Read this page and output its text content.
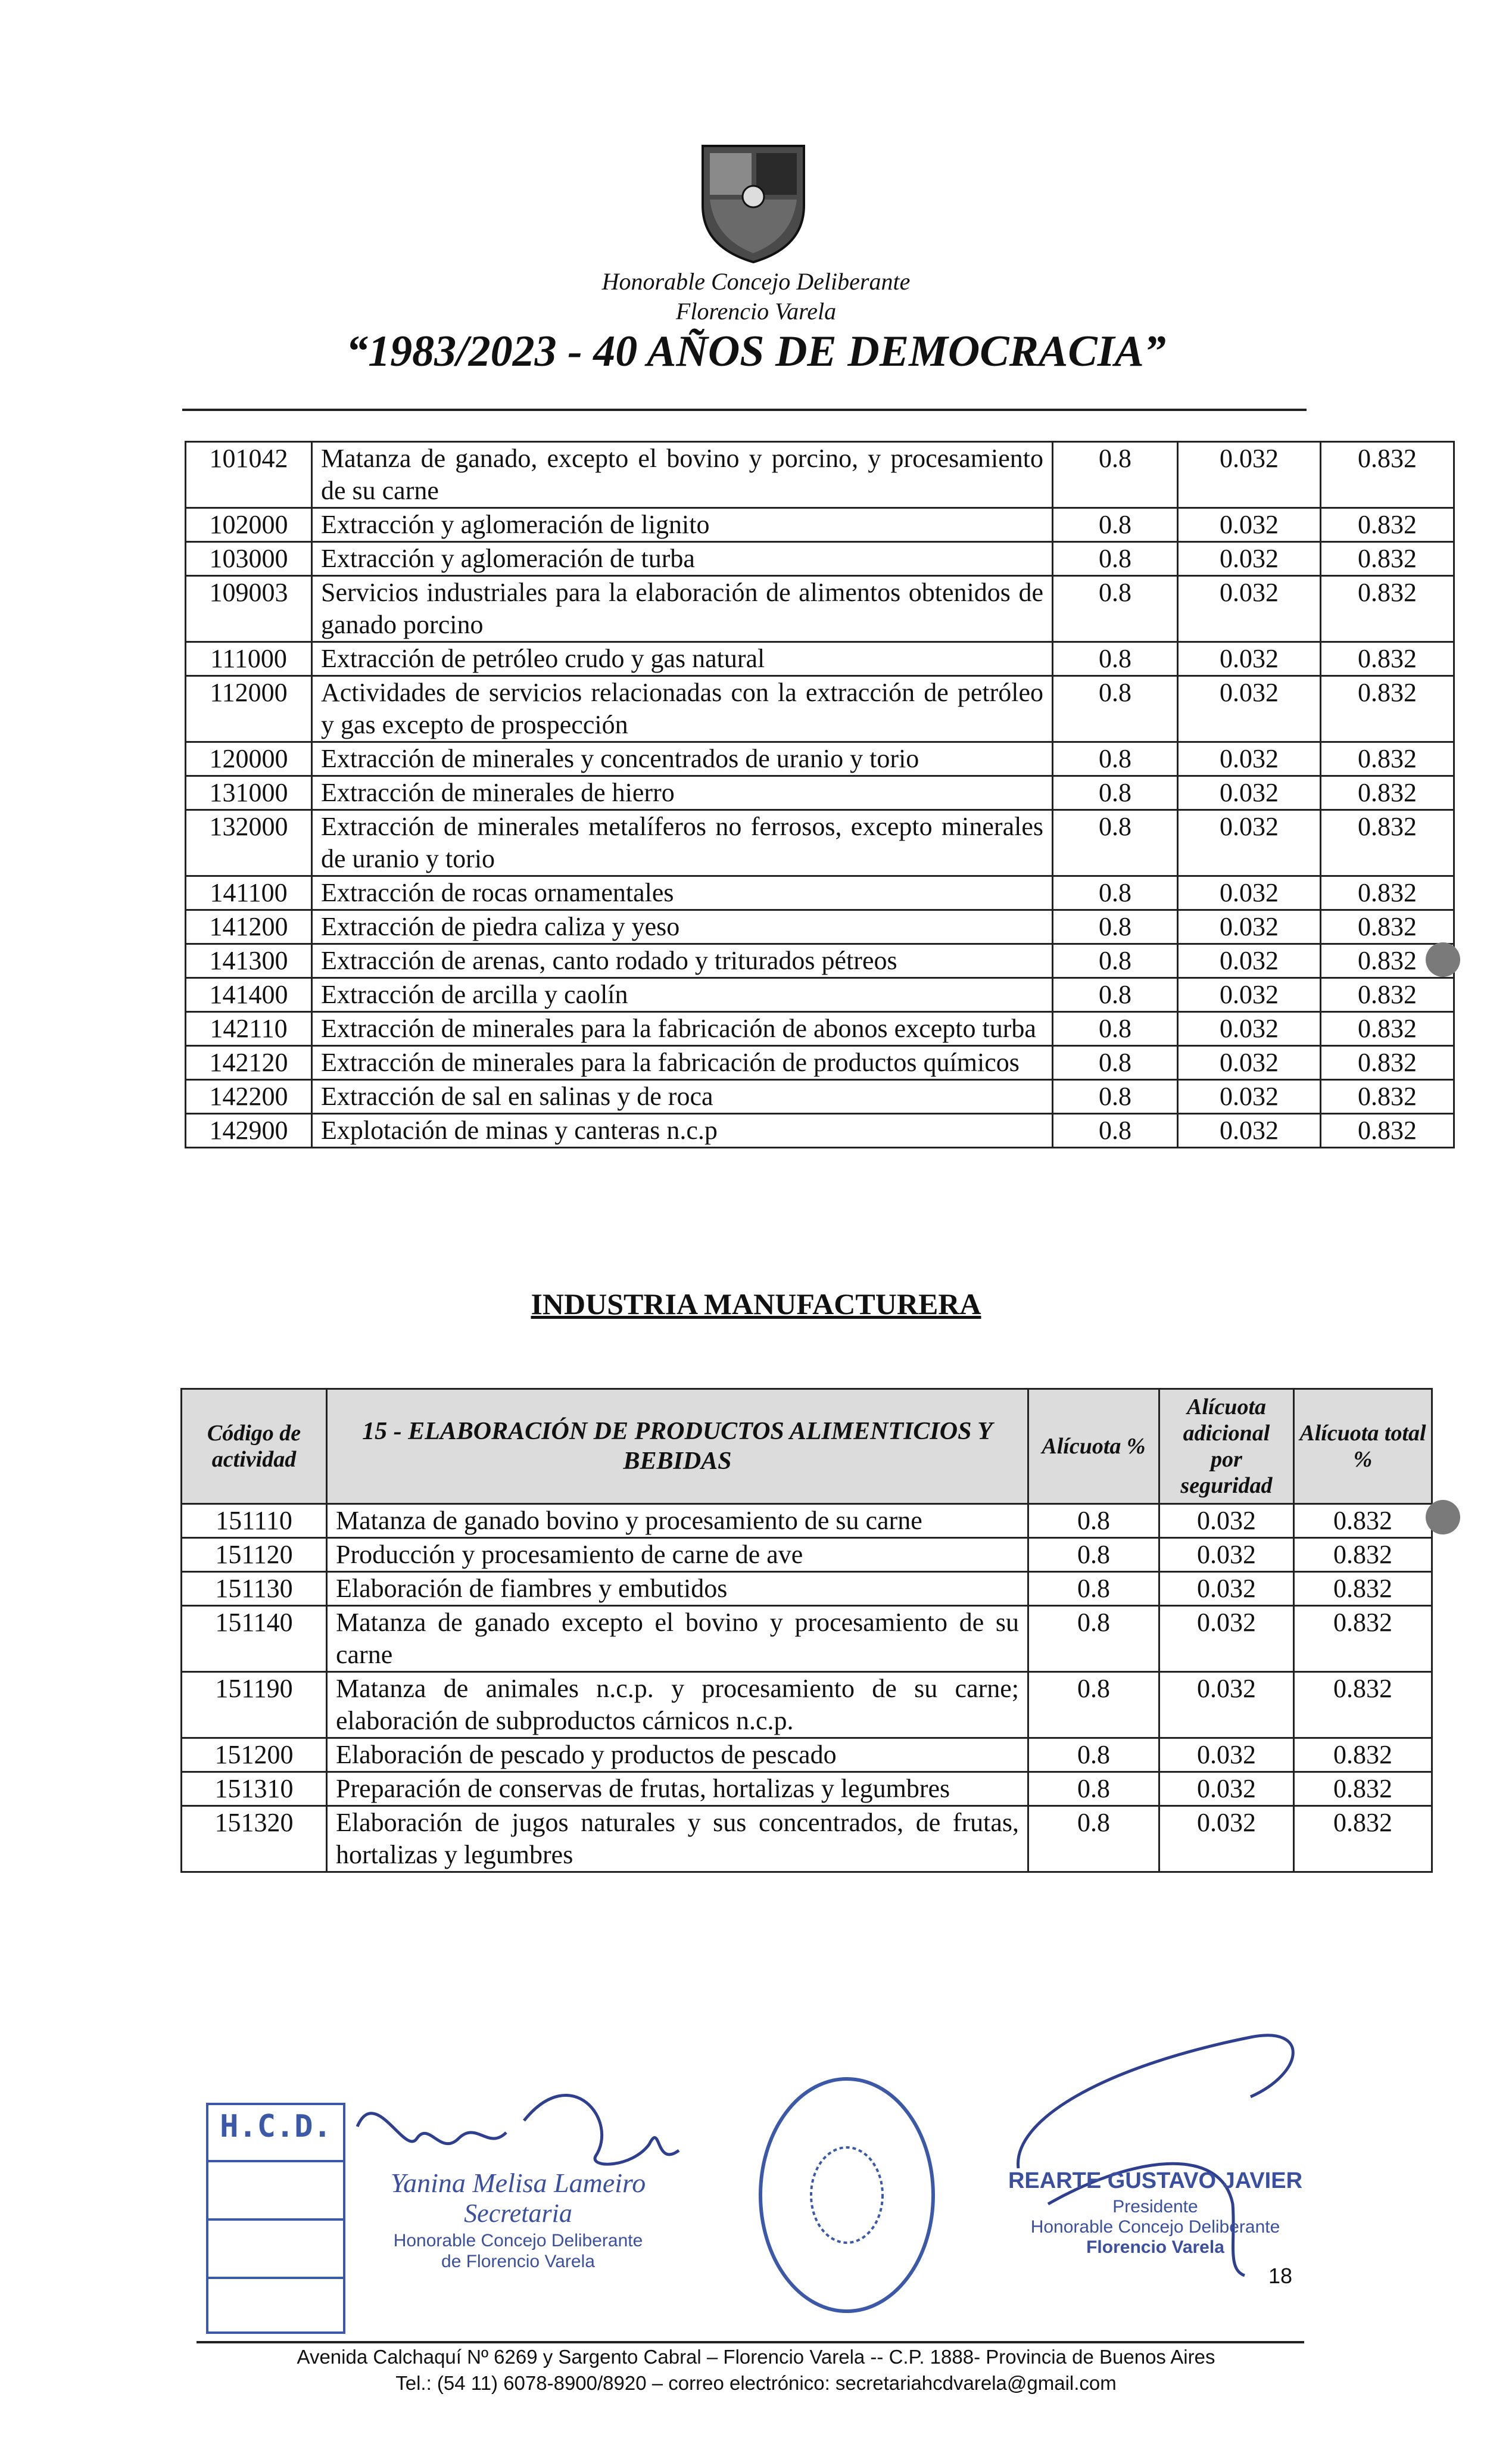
Honorable Concejo Deliberante
Florencio Varela
“1983/2023 - 40 AÑOS DE DEMOCRACIA”
101042	Matanza de ganado, excepto el bovino y porcino, y procesamiento de su carne	0.8	0.032	0.832
102000	Extracción y aglomeración de lignito	0.8	0.032	0.832
103000	Extracción y aglomeración de turba	0.8	0.032	0.832
109003	Servicios industriales para la elaboración de alimentos obtenidos de ganado porcino	0.8	0.032	0.832
111000	Extracción de petróleo crudo y gas natural	0.8	0.032	0.832
112000	Actividades de servicios relacionadas con la extracción de petróleo y gas excepto de prospección	0.8	0.032	0.832
120000	Extracción de minerales y concentrados de uranio y torio	0.8	0.032	0.832
131000	Extracción de minerales de hierro	0.8	0.032	0.832
132000	Extracción de minerales metalíferos no ferrosos, excepto minerales de uranio y torio	0.8	0.032	0.832
141100	Extracción de rocas ornamentales	0.8	0.032	0.832
141200	Extracción de piedra caliza y yeso	0.8	0.032	0.832
141300	Extracción de arenas, canto rodado y triturados pétreos	0.8	0.032	0.832
141400	Extracción de arcilla y caolín	0.8	0.032	0.832
142110	Extracción de minerales para la fabricación de abonos excepto turba	0.8	0.032	0.832
142120	Extracción de minerales para la fabricación de productos químicos	0.8	0.032	0.832
142200	Extracción de sal en salinas y de roca	0.8	0.032	0.832
142900	Explotación de minas y canteras n.c.p	0.8	0.032	0.832
INDUSTRIA MANUFACTURERA
Código de actividad	15 - ELABORACIÓN DE PRODUCTOS ALIMENTICIOS Y BEBIDAS	Alícuota %	Alícuota adicional por seguridad	Alícuota total %
151110	Matanza de ganado bovino y procesamiento de su carne	0.8	0.032	0.832
151120	Producción y procesamiento de carne de ave	0.8	0.032	0.832
151130	Elaboración de fiambres y embutidos	0.8	0.032	0.832
151140	Matanza de ganado excepto el bovino y procesamiento de su carne	0.8	0.032	0.832
151190	Matanza de animales n.c.p. y procesamiento de su carne; elaboración de subproductos cárnicos n.c.p.	0.8	0.032	0.832
151200	Elaboración de pescado y productos de pescado	0.8	0.032	0.832
151310	Preparación de conservas de frutas, hortalizas y legumbres	0.8	0.032	0.832
151320	Elaboración de jugos naturales y sus concentrados, de frutas, hortalizas y legumbres	0.8	0.032	0.832
H.C.D.
Yanina Melisa Lameiro
Secretaria
Honorable Concejo Deliberante
de Florencio Varela
REARTE GUSTAVO JAVIER
Presidente
Honorable Concejo Deliberante
Florencio Varela
18
Avenida Calchaquí Nº 6269 y Sargento Cabral – Florencio Varela -- C.P. 1888- Provincia de Buenos Aires
Tel.: (54 11) 6078-8900/8920 – correo electrónico: secretariahcdvarela@gmail.com
